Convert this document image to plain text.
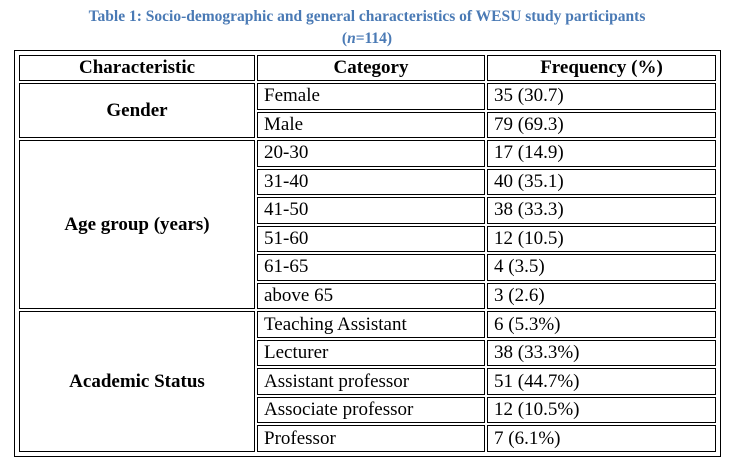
Table 1: Socio-demographic and general characteristics of WESU study participants
(n=114)
Characteristic	Category	Frequency (%)
Gender	Female	35 (30.7)
	Male	79 (69.3)
Age group (years)	20-30	17 (14.9)
	31-40	40 (35.1)
	41-50	38 (33.3)
	51-60	12 (10.5)
	61-65	4 (3.5)
	above 65	3 (2.6)
Academic Status	Teaching Assistant	6 (5.3%)
	Lecturer	38 (33.3%)
	Assistant professor	51 (44.7%)
	Associate professor	12 (10.5%)
	Professor	7 (6.1%)
